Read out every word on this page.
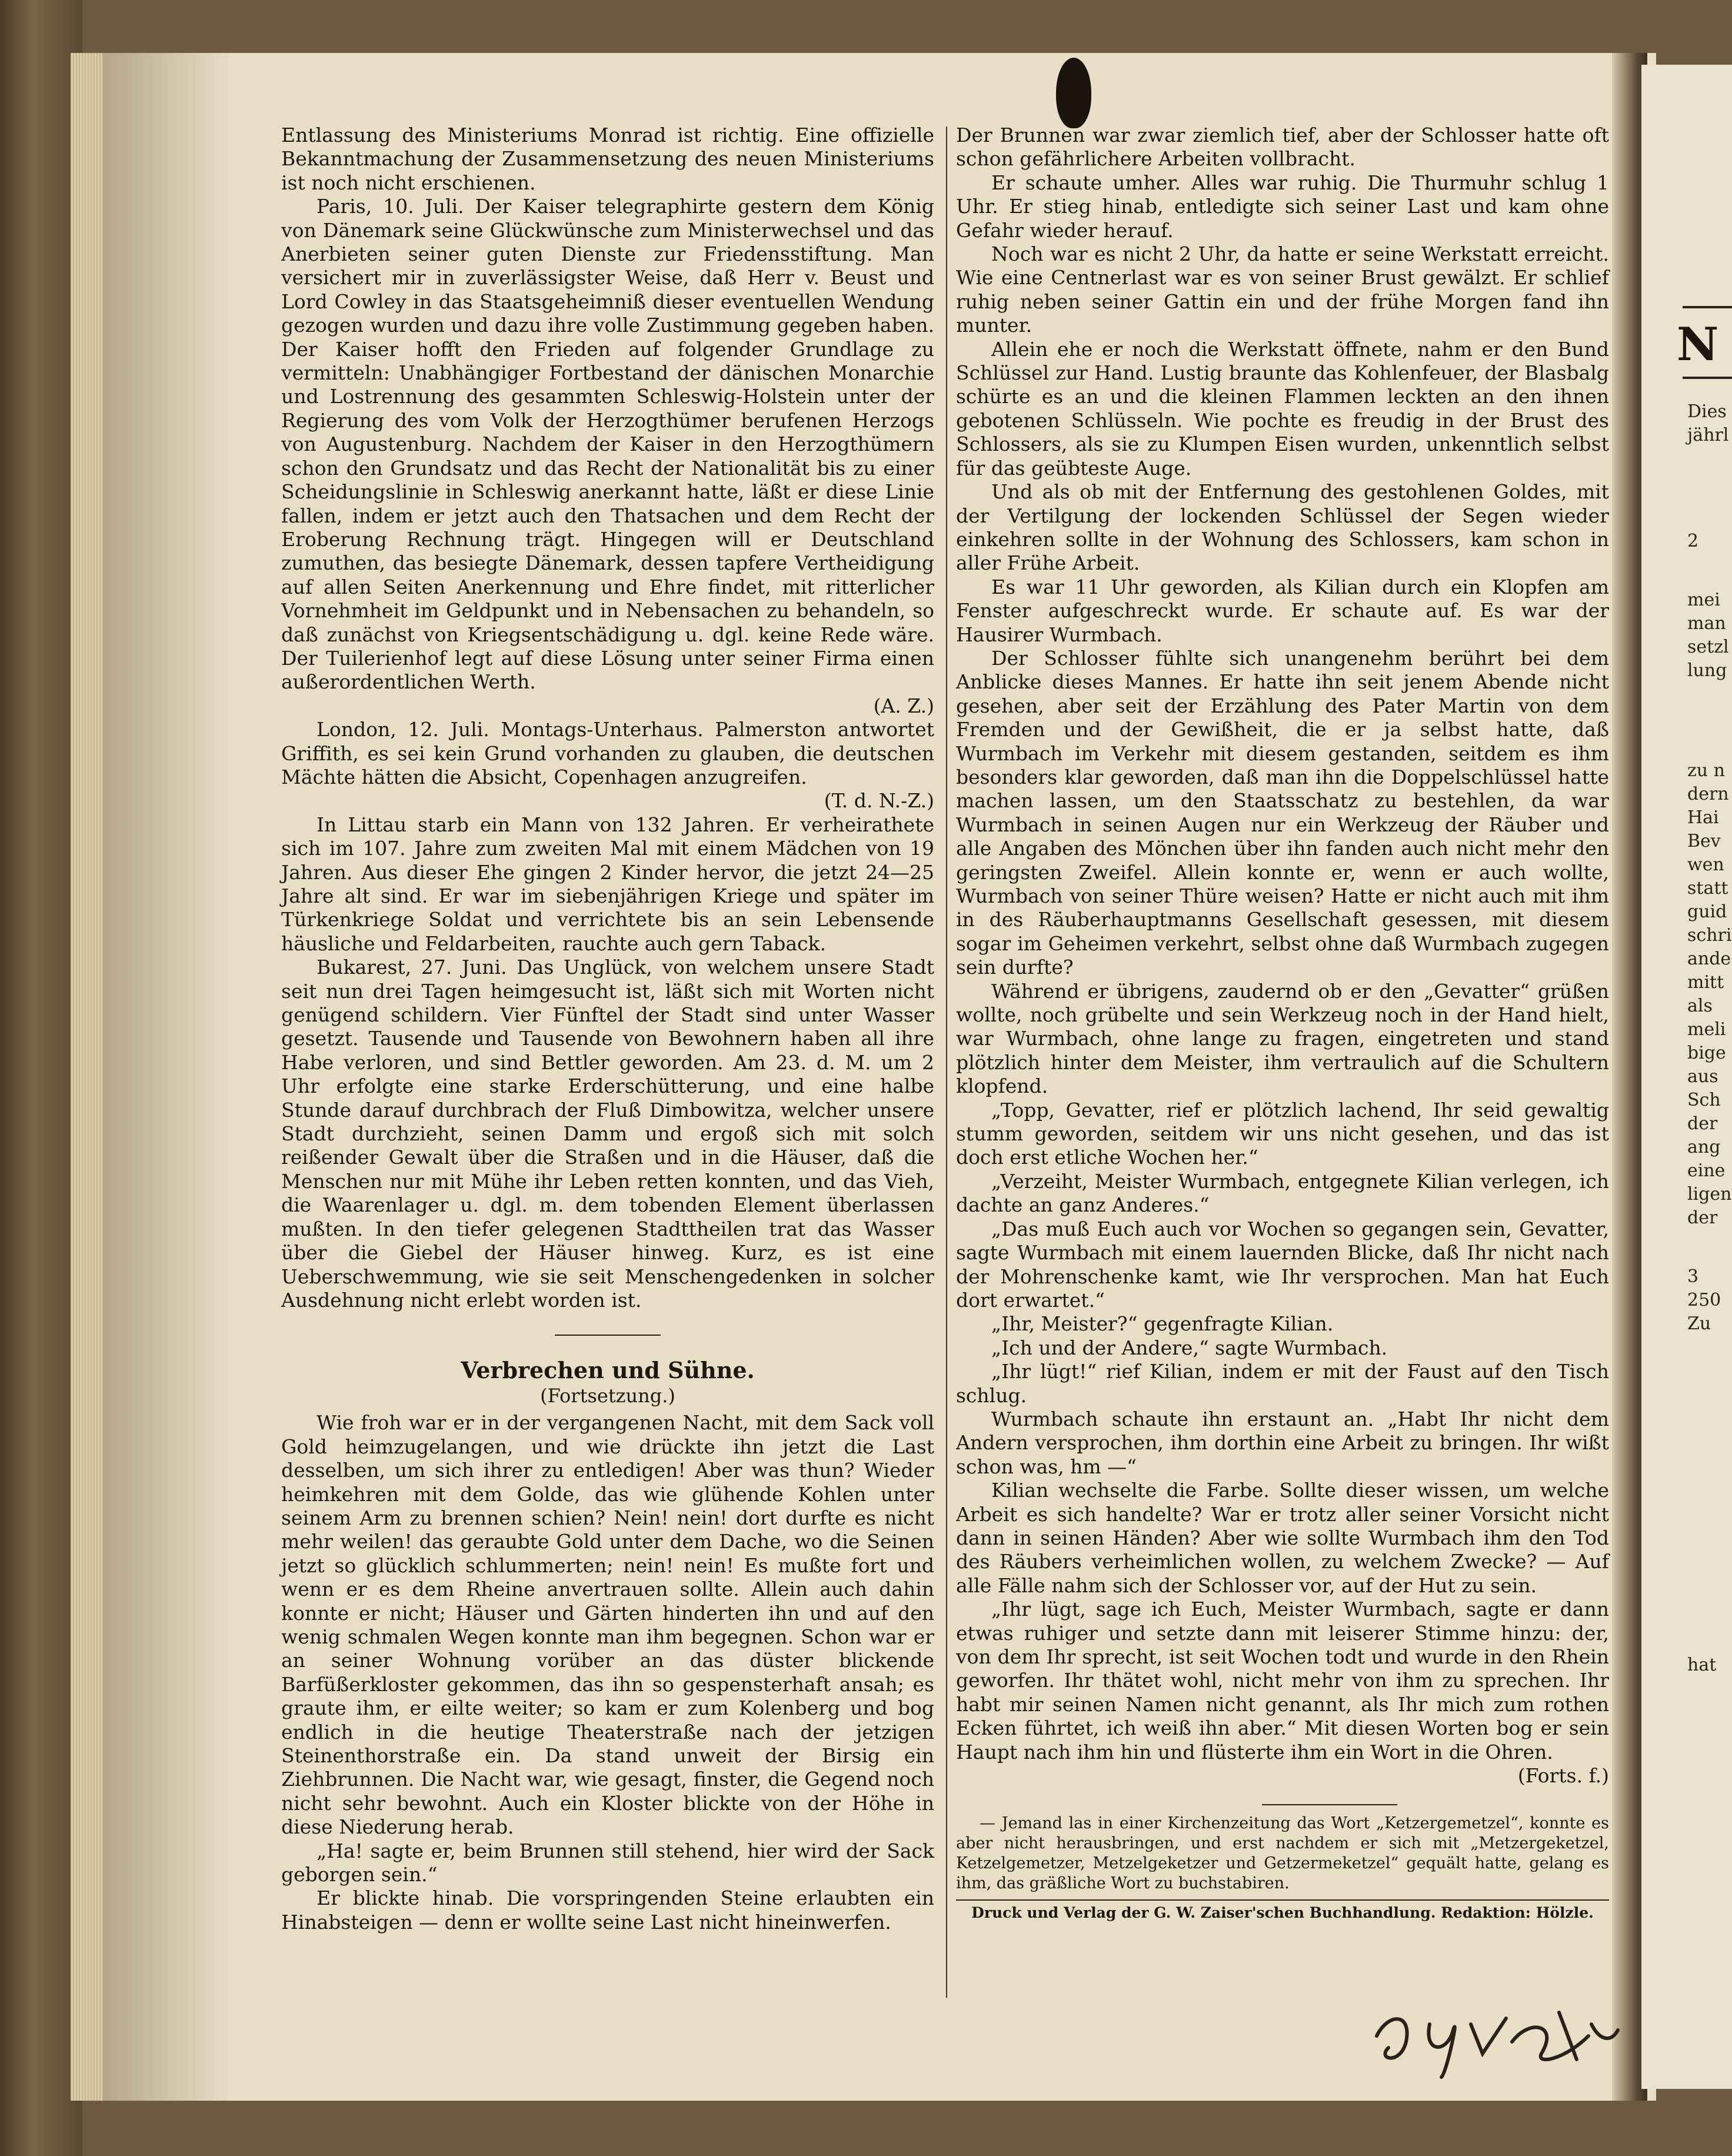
N
Dies
jährl
2
mei
man
setzl
lung
zu n
dern
Hai
Bev
wen
statt
guid
schri
ande
mitt
als
meli
bige
aus
Sch
der
ang
eine
ligen
der
3
250
Zu
hat

Entlassung des Ministeriums Monrad ist richtig. Eine offizielle Bekanntmachung der Zusammensetzung des neuen Ministeriums ist noch nicht erschienen.

Paris, 10. Juli. Der Kaiser telegraphirte gestern dem König von Dänemark seine Glückwünsche zum Ministerwechsel und das Anerbieten seiner guten Dienste zur Friedensstiftung. Man versichert mir in zuverlässigster Weise, daß Herr v. Beust und Lord Cowley in das Staatsgeheimniß dieser eventuellen Wendung gezogen wurden und dazu ihre volle Zustimmung gegeben haben. Der Kaiser hofft den Frieden auf folgender Grundlage zu vermitteln: Unabhängiger Fortbestand der dänischen Monarchie und Lostrennung des gesammten Schleswig-Holstein unter der Regierung des vom Volk der Herzogthümer berufenen Herzogs von Augustenburg. Nachdem der Kaiser in den Herzogthümern schon den Grundsatz und das Recht der Nationalität bis zu einer Scheidungslinie in Schleswig anerkannt hatte, läßt er diese Linie fallen, indem er jetzt auch den Thatsachen und dem Recht der Eroberung Rechnung trägt. Hingegen will er Deutschland zumuthen, das besiegte Dänemark, dessen tapfere Vertheidigung auf allen Seiten Anerkennung und Ehre findet, mit ritterlicher Vornehmheit im Geldpunkt und in Nebensachen zu behandeln, so daß zunächst von Kriegsentschädigung u. dgl. keine Rede wäre. Der Tuilerienhof legt auf diese Lösung unter seiner Firma einen außerordentlichen Werth.

(A. Z.)

London, 12. Juli. Montags-Unterhaus. Palmerston antwortet Griffith, es sei kein Grund vorhanden zu glauben, die deutschen Mächte hätten die Absicht, Copenhagen anzugreifen.

(T. d. N.-Z.)

In Littau starb ein Mann von 132 Jahren. Er verheirathete sich im 107. Jahre zum zweiten Mal mit einem Mädchen von 19 Jahren. Aus dieser Ehe gingen 2 Kinder hervor, die jetzt 24—25 Jahre alt sind. Er war im siebenjährigen Kriege und später im Türkenkriege Soldat und verrichtete bis an sein Lebensende häusliche und Feldarbeiten, rauchte auch gern Taback.

Bukarest, 27. Juni. Das Unglück, von welchem unsere Stadt seit nun drei Tagen heimgesucht ist, läßt sich mit Worten nicht genügend schildern. Vier Fünftel der Stadt sind unter Wasser gesetzt. Tausende und Tausende von Bewohnern haben all ihre Habe verloren, und sind Bettler geworden. Am 23. d. M. um 2 Uhr erfolgte eine starke Erderschütterung, und eine halbe Stunde darauf durchbrach der Fluß Dimbowitza, welcher unsere Stadt durchzieht, seinen Damm und ergoß sich mit solch reißender Gewalt über die Straßen und in die Häuser, daß die Menschen nur mit Mühe ihr Leben retten konnten, und das Vieh, die Waarenlager u. dgl. m. dem tobenden Element überlassen mußten. In den tiefer gelegenen Stadttheilen trat das Wasser über die Giebel der Häuser hinweg. Kurz, es ist eine Ueberschwemmung, wie sie seit Menschengedenken in solcher Ausdehnung nicht erlebt worden ist.

Verbrechen und Sühne.
(Fortsetzung.)

Wie froh war er in der vergangenen Nacht, mit dem Sack voll Gold heimzugelangen, und wie drückte ihn jetzt die Last desselben, um sich ihrer zu entledigen! Aber was thun? Wieder heimkehren mit dem Golde, das wie glühende Kohlen unter seinem Arm zu brennen schien? Nein! nein! dort durfte es nicht mehr weilen! das geraubte Gold unter dem Dache, wo die Seinen jetzt so glücklich schlummerten; nein! nein! Es mußte fort und wenn er es dem Rheine anvertrauen sollte. Allein auch dahin konnte er nicht; Häuser und Gärten hinderten ihn und auf den wenig schmalen Wegen konnte man ihm begegnen. Schon war er an seiner Wohnung vorüber an das düster blickende Barfüßerkloster gekommen, das ihn so gespensterhaft ansah; es graute ihm, er eilte weiter; so kam er zum Kolenberg und bog endlich in die heutige Theaterstraße nach der jetzigen Steinenthorstraße ein. Da stand unweit der Birsig ein Ziehbrunnen. Die Nacht war, wie gesagt, finster, die Gegend noch nicht sehr bewohnt. Auch ein Kloster blickte von der Höhe in diese Niederung herab.

„Ha! sagte er, beim Brunnen still stehend, hier wird der Sack geborgen sein.“

Er blickte hinab. Die vorspringenden Steine erlaubten ein Hinabsteigen — denn er wollte seine Last nicht hineinwerfen.

Der Brunnen war zwar ziemlich tief, aber der Schlosser hatte oft schon gefährlichere Arbeiten vollbracht.

Er schaute umher. Alles war ruhig. Die Thurmuhr schlug 1 Uhr. Er stieg hinab, entledigte sich seiner Last und kam ohne Gefahr wieder herauf.

Noch war es nicht 2 Uhr, da hatte er seine Werkstatt erreicht. Wie eine Centnerlast war es von seiner Brust gewälzt. Er schlief ruhig neben seiner Gattin ein und der frühe Morgen fand ihn munter.

Allein ehe er noch die Werkstatt öffnete, nahm er den Bund Schlüssel zur Hand. Lustig braunte das Kohlenfeuer, der Blasbalg schürte es an und die kleinen Flammen leckten an den ihnen gebotenen Schlüsseln. Wie pochte es freudig in der Brust des Schlossers, als sie zu Klumpen Eisen wurden, unkenntlich selbst für das geübteste Auge.

Und als ob mit der Entfernung des gestohlenen Goldes, mit der Vertilgung der lockenden Schlüssel der Segen wieder einkehren sollte in der Wohnung des Schlossers, kam schon in aller Frühe Arbeit.

Es war 11 Uhr geworden, als Kilian durch ein Klopfen am Fenster aufgeschreckt wurde. Er schaute auf. Es war der Hausirer Wurmbach.

Der Schlosser fühlte sich unangenehm berührt bei dem Anblicke dieses Mannes. Er hatte ihn seit jenem Abende nicht gesehen, aber seit der Erzählung des Pater Martin von dem Fremden und der Gewißheit, die er ja selbst hatte, daß Wurmbach im Verkehr mit diesem gestanden, seitdem es ihm besonders klar geworden, daß man ihn die Doppelschlüssel hatte machen lassen, um den Staatsschatz zu bestehlen, da war Wurmbach in seinen Augen nur ein Werkzeug der Räuber und alle Angaben des Mönchen über ihn fanden auch nicht mehr den geringsten Zweifel. Allein konnte er, wenn er auch wollte, Wurmbach von seiner Thüre weisen? Hatte er nicht auch mit ihm in des Räuberhauptmanns Gesellschaft gesessen, mit diesem sogar im Geheimen verkehrt, selbst ohne daß Wurmbach zugegen sein durfte?

Während er übrigens, zaudernd ob er den „Gevatter“ grüßen wollte, noch grübelte und sein Werkzeug noch in der Hand hielt, war Wurmbach, ohne lange zu fragen, eingetreten und stand plötzlich hinter dem Meister, ihm vertraulich auf die Schultern klopfend.

„Topp, Gevatter, rief er plötzlich lachend, Ihr seid gewaltig stumm geworden, seitdem wir uns nicht gesehen, und das ist doch erst etliche Wochen her.“

„Verzeiht, Meister Wurmbach, entgegnete Kilian verlegen, ich dachte an ganz Anderes.“

„Das muß Euch auch vor Wochen so gegangen sein, Gevatter, sagte Wurmbach mit einem lauernden Blicke, daß Ihr nicht nach der Mohrenschenke kamt, wie Ihr versprochen. Man hat Euch dort erwartet.“

„Ihr, Meister?“ gegenfragte Kilian.

„Ich und der Andere,“ sagte Wurmbach.

„Ihr lügt!“ rief Kilian, indem er mit der Faust auf den Tisch schlug.

Wurmbach schaute ihn erstaunt an. „Habt Ihr nicht dem Andern versprochen, ihm dorthin eine Arbeit zu bringen. Ihr wißt schon was, hm —“

Kilian wechselte die Farbe. Sollte dieser wissen, um welche Arbeit es sich handelte? War er trotz aller seiner Vorsicht nicht dann in seinen Händen? Aber wie sollte Wurmbach ihm den Tod des Räubers verheimlichen wollen, zu welchem Zwecke? — Auf alle Fälle nahm sich der Schlosser vor, auf der Hut zu sein.

„Ihr lügt, sage ich Euch, Meister Wurmbach, sagte er dann etwas ruhiger und setzte dann mit leiserer Stimme hinzu: der, von dem Ihr sprecht, ist seit Wochen todt und wurde in den Rhein geworfen. Ihr thätet wohl, nicht mehr von ihm zu sprechen. Ihr habt mir seinen Namen nicht genannt, als Ihr mich zum rothen Ecken führtet, ich weiß ihn aber.“ Mit diesen Worten bog er sein Haupt nach ihm hin und flüsterte ihm ein Wort in die Ohren.

(Forts. f.)

— Jemand las in einer Kirchenzeitung das Wort „Ketzergemetzel“, konnte es aber nicht herausbringen, und erst nachdem er sich mit „Metzergeketzel, Ketzelgemetzer, Metzelgeketzer und Getzermeketzel“ gequält hatte, gelang es ihm, das gräßliche Wort zu buchstabiren.

Druck und Verlag der G. W. Zaiser'schen Buchhandlung. Redaktion: Hölzle.
